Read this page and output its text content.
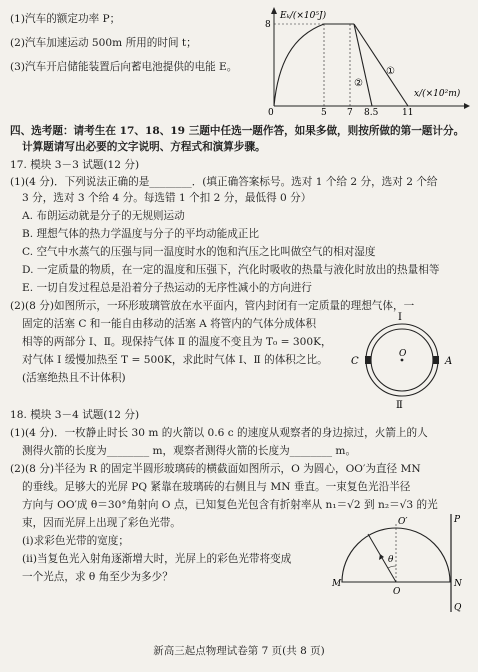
(1)汽车的额定功率 P；
(2)汽车加速运动 500m 所用的时间 t；
(3)汽车开启储能装置后向蓄电池提供的电能 E。
Eₖ/(×10⁵J)
8
①
②
x/(×10²m)
0	5 7 8.5	11
四、选考题：请考生在 17、18、19 三题中任选一题作答，如果多做，则按所做的第一题计分。
计算题请写出必要的文字说明、方程式和演算步骤。
17. 模块 3－3 试题(12 分)
(1)(4 分)．下列说法正确的是________．(填正确答案标号。选对 1 个给 2 分，选对 2 个给
3 分，选对 3 个给 4 分。每选错 1 个扣 2 分，最低得 0 分）
A. 布朗运动就是分子的无规则运动
B. 理想气体的热力学温度与分子的平均动能成正比
C. 空气中水蒸气的压强与同一温度时水的饱和汽压之比叫做空气的相对湿度
D. 一定质量的物质，在一定的温度和压强下，汽化时吸收的热量与液化时放出的热量相等
E. 一切自发过程总是沿着分子热运动的无序性减小的方向进行
(2)(8 分)如图所示，一环形玻璃管放在水平面内，管内封闭有一定质量的理想气体，一
固定的活塞 C 和一能自由移动的活塞 A 将管内的气体分成体积
相等的两部分 Ⅰ、Ⅱ。现保持气体 Ⅱ 的温度不变且为 T₀ = 300K，
对气体 Ⅰ 缓慢加热至 T = 500K，求此时气体 Ⅰ、Ⅱ 的体积之比。
(活塞绝热且不计体积)
Ⅰ
Ⅱ
C	A
O
18. 模块 3－4 试题(12 分)
(1)(4 分)．一枚静止时长 30 m 的火箭以 0.6 c 的速度从观察者的身边掠过，火箭上的人
测得火箭的长度为________ m，观察者测得火箭的长度为________ m。
(2)(8 分)半径为 R 的固定半圆形玻璃砖的横截面如图所示，O 为圆心，OO′为直径 MN
的垂线。足够大的光屏 PQ 紧靠在玻璃砖的右侧且与 MN 垂直。一束复色光沿半径
方向与 OO′成 θ＝30°角射向 O 点，已知复色光包含有折射率从 n₁＝√2 到 n₂＝√3 的光
束，因而光屏上出现了彩色光带。
(ⅰ)求彩色光带的宽度；
(ⅱ)当复色光入射角逐渐增大时，光屏上的彩色光带将变成
一个光点，求 θ 角至少为多少？
θ
P
Q
M	N
O
O′
新高三起点物理试卷第 7 页(共 8 页)
